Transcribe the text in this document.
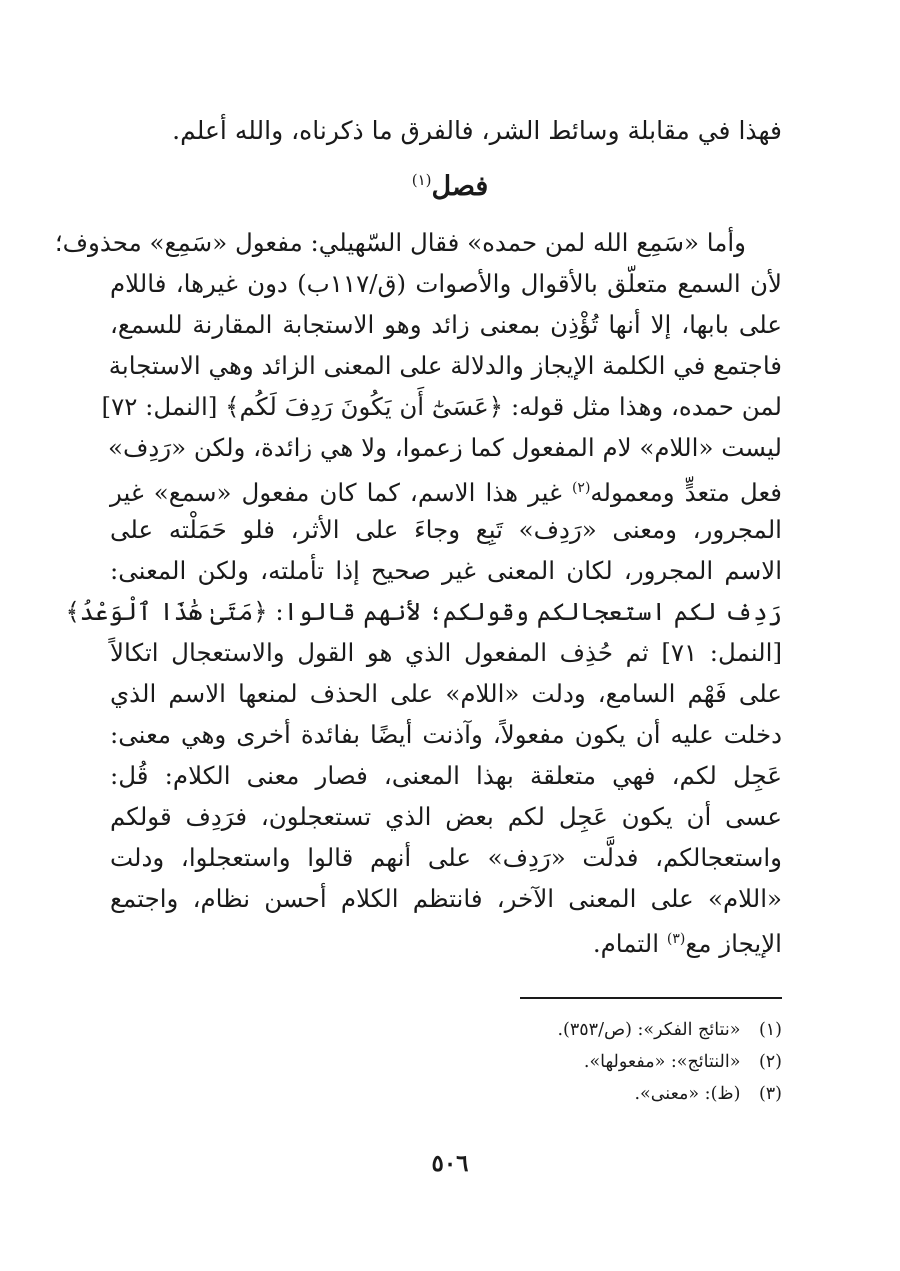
فهذا في مقابلة وسائط الشر، فالفرق ما ذكرناه، والله أعلم.
فصل$^{(١)}$
وأما «سَمِع الله لمن حمده» فقال السّهيلي: مفعول «سَمِع» محذوف؛
لأن السمع متعلّق بالأقوال والأصوات (ق/١١٧ب) دون غيرها، فاللام
على بابها، إلا أنها تُؤْذِن بمعنى زائد وهو الاستجابة المقارنة للسمع،
فاجتمع في الكلمة الإيجاز والدلالة على المعنى الزائد وهي الاستجابة
لمن حمده، وهذا مثل قوله: ﴿عَسَىٰٓ أَن يَكُونَ رَدِفَ لَكُم﴾ [النمل: ٧٢]
ليست «اللام» لام المفعول كما زعموا، ولا هي زائدة، ولكن «رَدِف»
فعل متعدٍّ ومعموله$^{(٢)}$ غير هذا الاسم، كما كان مفعول «سمع» غير
المجرور، ومعنى «رَدِف» تَبِع وجاءَ على الأثر، فلو حَمَلْته على
الاسم المجرور، لكان المعنى غير صحيح إذا تأملته، ولكن المعنى:
رَدِف لكم استعجالكم وقولكم؛ لأنهم قالوا: ﴿مَتَىٰ هَٰذَا ٱلْوَعْدُ﴾
[النمل: ٧١] ثم حُذِف المفعول الذي هو القول والاستعجال اتكالاً
على فَهْم السامع، ودلت «اللام» على الحذف لمنعها الاسم الذي
دخلت عليه أن يكون مفعولاً، وآذنت أيضًا بفائدة أخرى وهي معنى:
عَجِل لكم، فهي متعلقة بهذا المعنى، فصار معنى الكلام: قُل:
عسى أن يكون عَجِل لكم بعض الذي تستعجلون، فرَدِف قولكم
واستعجالكم، فدلَّت «رَدِف» على أنهم قالوا واستعجلوا، ودلت
«اللام» على المعنى الآخر، فانتظم الكلام أحسن نظام، واجتمع
الإيجاز مع$^{(٣)}$ التمام.
(١) «نتائج الفكر»: (ص/٣٥٣).
(٢) «النتائج»: «مفعولها».
(٣) (ظ): «معنى».
٥٠٦
